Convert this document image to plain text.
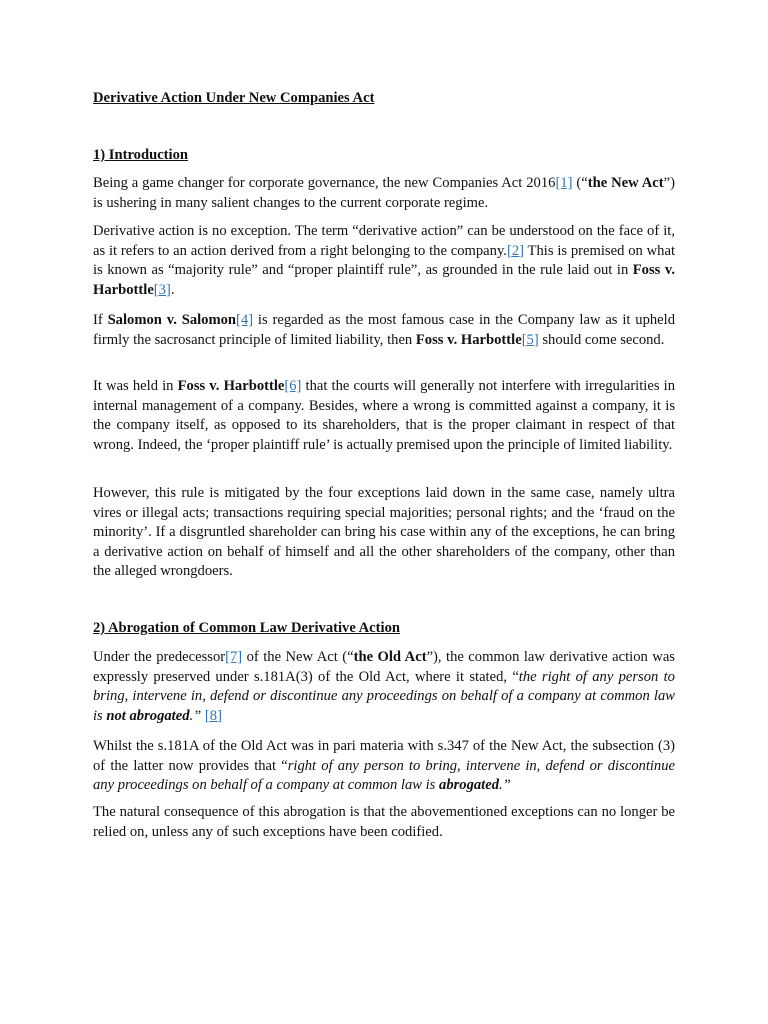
Derivative Action Under New Companies Act
1) Introduction

Being a game changer for corporate governance, the new Companies Act 2016[1] (“the New Act”) is ushering in many salient changes to the current corporate regime.

Derivative action is no exception. The term “derivative action” can be understood on the face of it, as it refers to an action derived from a right belonging to the company.[2] This is premised on what is known as “majority rule” and “proper plaintiff rule”, as grounded in the rule laid out in Foss v. Harbottle[3].

If Salomon v. Salomon[4] is regarded as the most famous case in the Company law as it upheld firmly the sacrosanct principle of limited liability, then Foss v. Harbottle[5] should come second.

It was held in Foss v. Harbottle[6] that the courts will generally not interfere with irregularities in internal management of a company. Besides, where a wrong is committed against a company, it is the company itself, as opposed to its shareholders, that is the proper claimant in respect of that wrong. Indeed, the ‘proper plaintiff rule’ is actually premised upon the principle of limited liability.

However, this rule is mitigated by the four exceptions laid down in the same case, namely ultra vires or illegal acts; transactions requiring special majorities; personal rights; and the ‘fraud on the minority’. If a disgruntled shareholder can bring his case within any of the exceptions, he can bring a derivative action on behalf of himself and all the other shareholders of the company, other than the alleged wrongdoers.

2) Abrogation of Common Law Derivative Action

Under the predecessor[7] of the New Act (“the Old Act”), the common law derivative action was expressly preserved under s.181A(3) of the Old Act, where it stated, “the right of any person to bring, intervene in, defend or discontinue any proceedings on behalf of a company at common law is not abrogated.” [8]

Whilst the s.181A of the Old Act was in pari materia with s.347 of the New Act, the subsection (3) of the latter now provides that “right of any person to bring, intervene in, defend or discontinue any proceedings on behalf of a company at common law is abrogated.”

The natural consequence of this abrogation is that the abovementioned exceptions can no longer be relied on, unless any of such exceptions have been codified.
